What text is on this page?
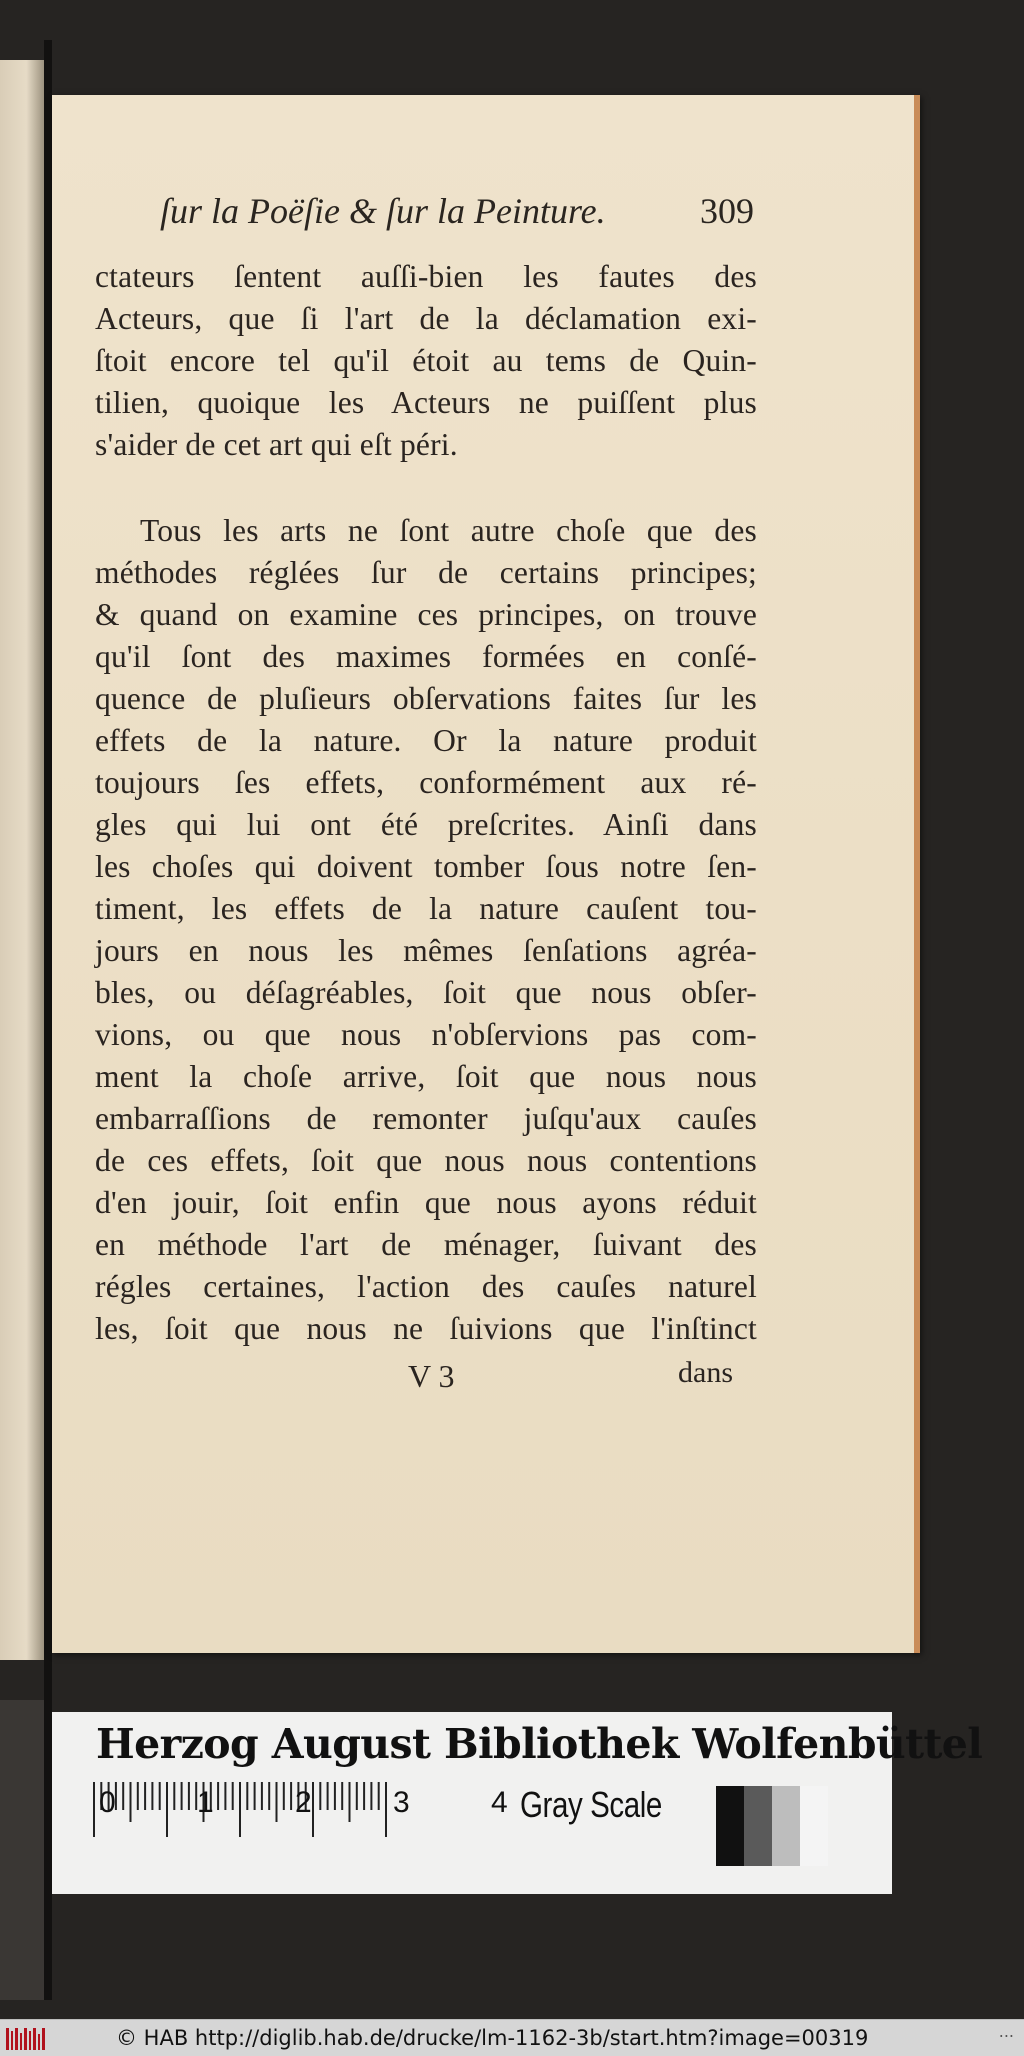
ſur la Poëſie & ſur la Peinture.	309
ctateurs ſentent auſſi-bien les fautes des
Acteurs, que ſi l'art de la déclamation exi-
ſtoit encore tel qu'il étoit au tems de Quin-
tilien, quoique les Acteurs ne puiſſent plus
s'aider de cet art qui eſt péri.
Tous les arts ne ſont autre choſe que des
méthodes réglées ſur de certains principes;
& quand on examine ces principes, on trouve
qu'il ſont des maximes formées en conſé-
quence de pluſieurs obſervations faites ſur les
effets de la nature. Or la nature produit
toujours ſes effets, conformément aux ré-
gles qui lui ont été preſcrites. Ainſi dans
les choſes qui doivent tomber ſous notre ſen-
timent, les effets de la nature cauſent tou-
jours en nous les mêmes ſenſations agréa-
bles, ou déſagréables, ſoit que nous obſer-
vions, ou que nous n'obſervions pas com-
ment la choſe arrive, ſoit que nous nous
embarraſſions de remonter juſqu'aux cauſes
de ces effets, ſoit que nous nous contentions
d'en jouir, ſoit enfin que nous ayons réduit
en méthode l'art de ménager, ſuivant des
régles certaines, l'action des cauſes naturel
les, ſoit que nous ne ſuivions que l'inſtinct
V 3	dans
Herzog August Bibliothek Wolfenbüttel
0	1	2	3	4 Gray Scale
© HAB http://diglib.hab.de/drucke/lm-1162-3b/start.htm?image=00319	...
